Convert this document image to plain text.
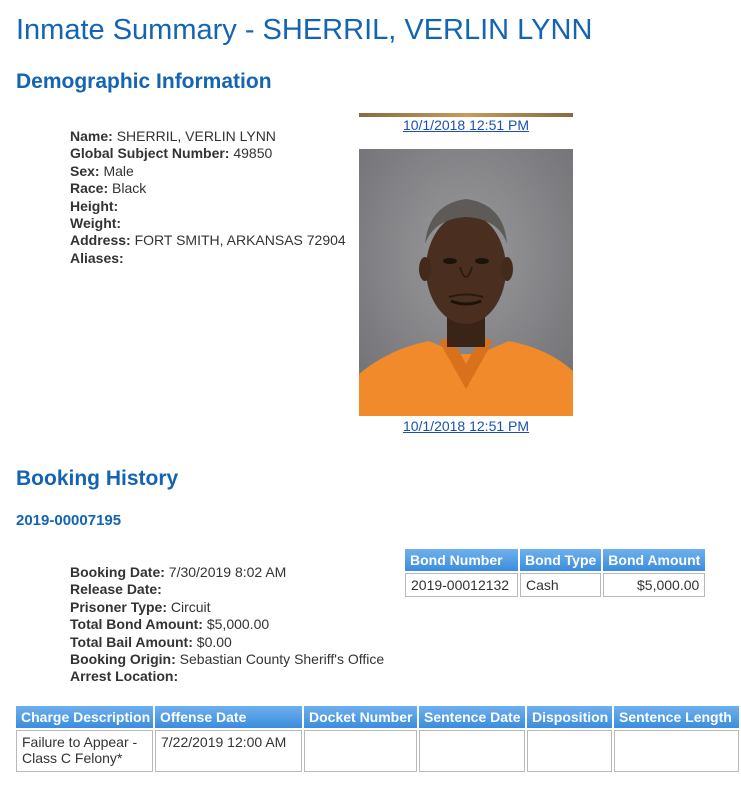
Inmate Summary - SHERRIL, VERLIN LYNN
Demographic Information
Name: SHERRIL, VERLIN LYNN
Global Subject Number: 49850
Sex: Male
Race: Black
Height:
Weight:
Address: FORT SMITH, ARKANSAS 72904
Aliases:
10/1/2018 12:51 PM
10/1/2018 12:51 PM
Booking History
2019-00007195
Booking Date: 7/30/2019 8:02 AM
Release Date:
Prisoner Type: Circuit
Total Bond Amount: $5,000.00
Total Bail Amount: $0.00
Booking Origin: Sebastian County Sheriff's Office
Arrest Location:
Bond Number	Bond Type	Bond Amount
2019-00012132	Cash	$5,000.00
Charge Description	Offense Date	Docket Number	Sentence Date	Disposition	Sentence Length
Failure to Appear - Class C Felony*	7/22/2019 12:00 AM				
